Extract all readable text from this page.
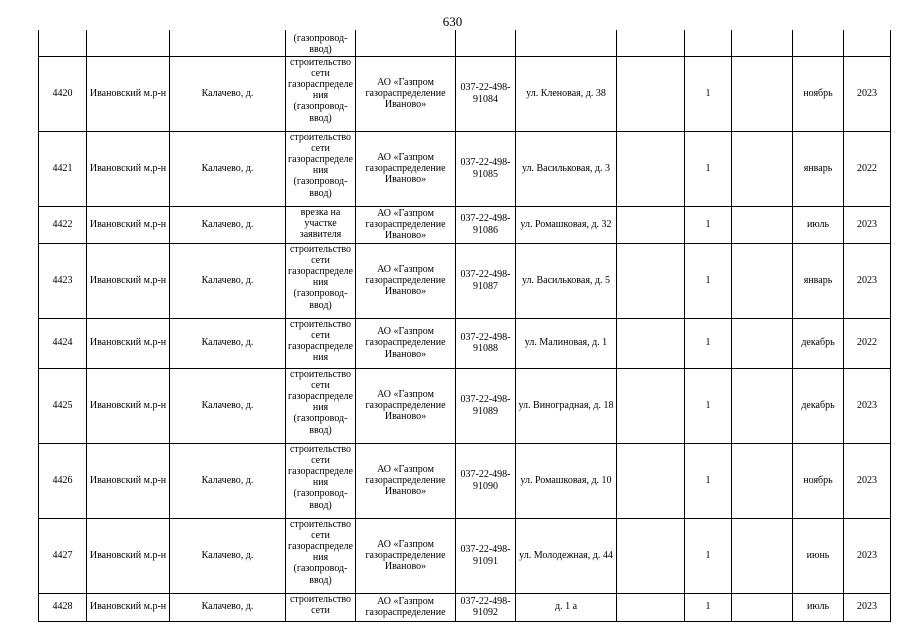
630
			(газопровод-ввод)								
4420	Ивановский м.р-н	Калачево, д.	строительство сети газораспределения (газопровод-ввод)	АО «Газпром газораспределение Иваново»	037-22-498-91084	ул. Кленовая, д. 38		1		ноябрь	2023
4421	Ивановский м.р-н	Калачево, д.	строительство сети газораспределения (газопровод-ввод)	АО «Газпром газораспределение Иваново»	037-22-498-91085	ул. Васильковая, д. 3		1		январь	2022
4422	Ивановский м.р-н	Калачево, д.	врезка на участке заявителя	АО «Газпром газораспределение Иваново»	037-22-498-91086	ул. Ромашковая, д. 32		1		июль	2023
4423	Ивановский м.р-н	Калачево, д.	строительство сети газораспределения (газопровод-ввод)	АО «Газпром газораспределение Иваново»	037-22-498-91087	ул. Васильковая, д. 5		1		январь	2023
4424	Ивановский м.р-н	Калачево, д.	строительство сети газораспределения	АО «Газпром газораспределение Иваново»	037-22-498-91088	ул. Малиновая, д. 1		1		декабрь	2022
4425	Ивановский м.р-н	Калачево, д.	строительство сети газораспределения (газопровод-ввод)	АО «Газпром газораспределение Иваново»	037-22-498-91089	ул. Виноградная, д. 18		1		декабрь	2023
4426	Ивановский м.р-н	Калачево, д.	строительство сети газораспределения (газопровод-ввод)	АО «Газпром газораспределение Иваново»	037-22-498-91090	ул. Ромашковая, д. 10		1		ноябрь	2023
4427	Ивановский м.р-н	Калачево, д.	строительство сети газораспределения (газопровод-ввод)	АО «Газпром газораспределение Иваново»	037-22-498-91091	ул. Молодежная, д. 44		1		июнь	2023
4428	Ивановский м.р-н	Калачево, д.	строительство сети	АО «Газпром газораспределение	037-22-498-91092	д. 1 а		1		июль	2023
